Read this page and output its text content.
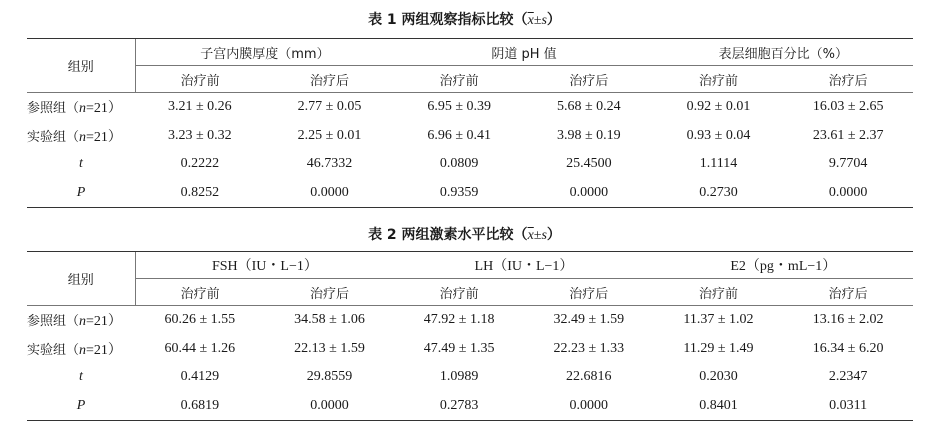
表 1 两组观察指标比较$(\overline{x}\pm s)$
组别	子宫内膜厚度（mm）		阴道 pH 值		表层细胞百分比（%）	
	治疗前	治疗后	治疗前	治疗后	治疗前	治疗后
参照组（n=21）	3.21 ± 0.26	2.77 ± 0.05	6.95 ± 0.39	5.68 ± 0.24	0.92 ± 0.01	16.03 ± 2.65
实验组（n=21）	3.23 ± 0.32	2.25 ± 0.01	6.96 ± 0.41	3.98 ± 0.19	0.93 ± 0.04	23.61 ± 2.37
t	0.2222	46.7332	0.0809	25.4500	1.1114	9.7704
P	0.8252	0.0000	0.9359	0.0000	0.2730	0.0000
表 2 两组激素水平比较$(\overline{x}\pm s)$
组别	FSH（IU・L−1）		LH（IU・L−1）		E2（pg・mL−1）	
	治疗前	治疗后	治疗前	治疗后	治疗前	治疗后
参照组（n=21）	60.26 ± 1.55	34.58 ± 1.06	47.92 ± 1.18	32.49 ± 1.59	11.37 ± 1.02	13.16 ± 2.02
实验组（n=21）	60.44 ± 1.26	22.13 ± 1.59	47.49 ± 1.35	22.23 ± 1.33	11.29 ± 1.49	16.34 ± 6.20
t	0.4129	29.8559	1.0989	22.6816	0.2030	2.2347
P	0.6819	0.0000	0.2783	0.0000	0.8401	0.0311
